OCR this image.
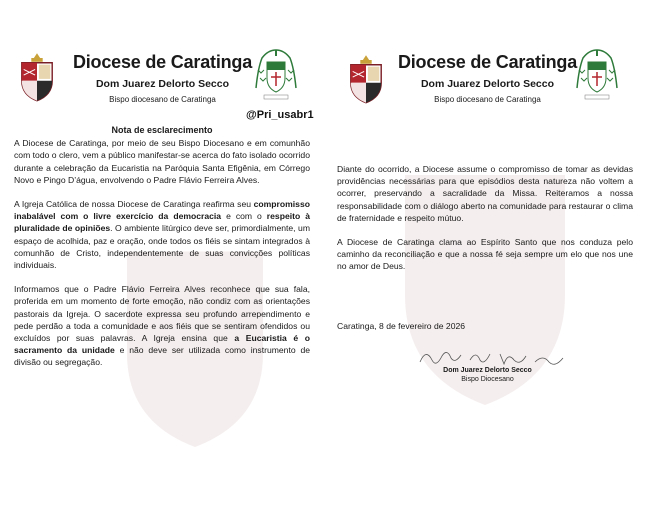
Diocese de Caratinga
Dom Juarez Delorto Secco
Bispo diocesano de Caratinga
@Pri_usabr1
Nota de esclarecimento

A Diocese de Caratinga, por meio de seu Bispo Diocesano e em comunhão com todo o clero, vem a público manifestar-se acerca do fato isolado ocorrido durante a celebração da Eucaristia na Paróquia Santa Efigênia, em Córrego Novo e Pingo D’água, envolvendo o Padre Flávio Ferreira Alves.

A Igreja Católica de nossa Diocese de Caratinga reafirma seu compromisso inabalável com o livre exercício da democracia e com o respeito à pluralidade de opiniões. O ambiente litúrgico deve ser, primordialmente, um espaço de acolhida, paz e oração, onde todos os fiéis se sintam integrados à comunhão de Cristo, independentemente de suas convicções políticas individuais.

Informamos que o Padre Flávio Ferreira Alves reconhece que sua fala, proferida em um momento de forte emoção, não condiz com as orientações pastorais da Igreja. O sacerdote expressa seu profundo arrependimento e pede perdão a toda a comunidade e aos fiéis que se sentiram ofendidos ou excluídos por suas palavras. A Igreja ensina que a Eucaristia é o sacramento da unidade e não deve ser utilizada como instrumento de divisão ou segregação.

Diocese de Caratinga
Dom Juarez Delorto Secco
Bispo diocesano de Caratinga

Diante do ocorrido, a Diocese assume o compromisso de tomar as devidas providências necessárias para que episódios desta natureza não voltem a ocorrer, preservando a sacralidade da Missa. Reiteramos a nossa responsabilidade com o diálogo aberto na comunidade para restaurar o clima de fraternidade e respeito mútuo.

A Diocese de Caratinga clama ao Espírito Santo que nos conduza pelo caminho da reconciliação e que a nossa fé seja sempre um elo que nos une no amor de Deus.

Caratinga, 8 de fevereiro de 2026
Dom Juarez Delorto Secco
Bispo Diocesano
